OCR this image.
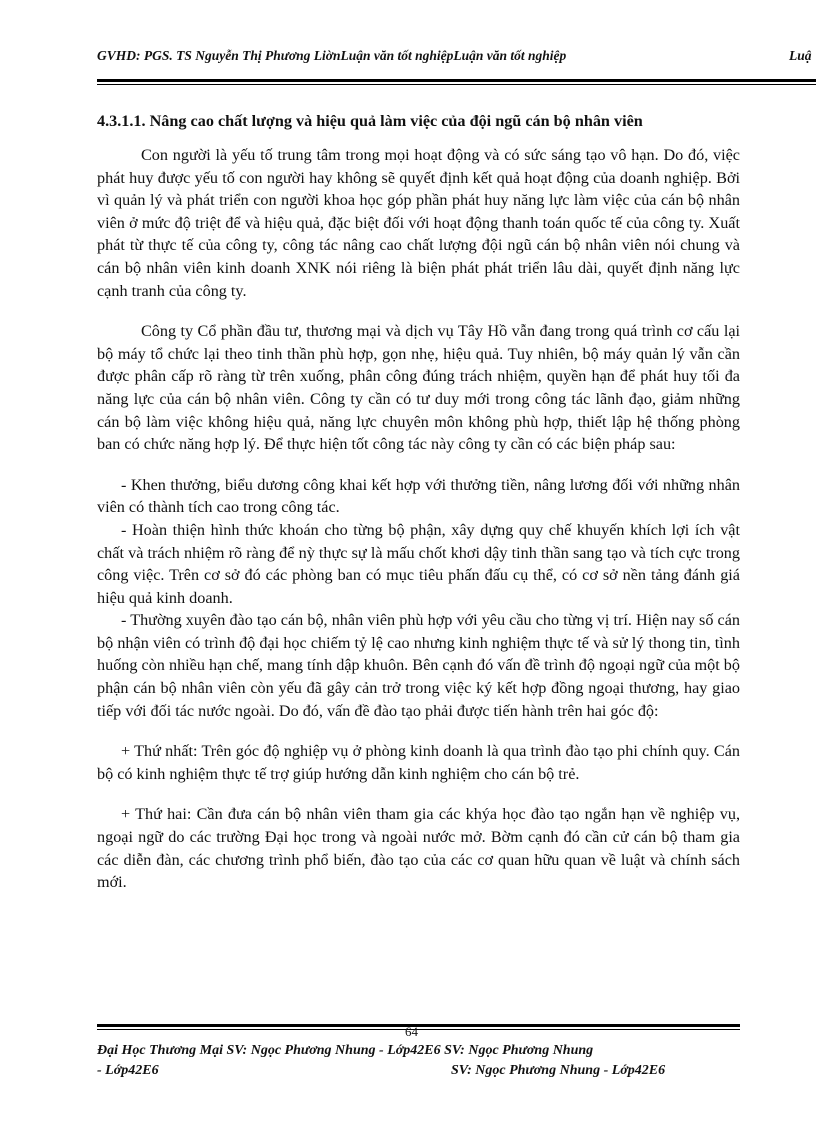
GVHD: PGS. TS Nguyễn Thị Phương LiờnLuận văn tốt nghiệpLuận văn tốt nghiệp	Luậ
4.3.1.1. Nâng cao chất lượng và hiệu quả làm việc của đội ngũ cán bộ nhân viên

Con người là yếu tố trung tâm trong mọi hoạt động và có sức sáng tạo vô hạn. Do đó, việc phát huy được yếu tố con người hay không sẽ quyết định kết quả hoạt động của doanh nghiệp. Bởi vì quản lý và phát triển con người khoa học góp phần phát huy năng lực làm việc của cán bộ nhân viên ở mức độ triệt để và hiệu quả, đặc biệt đối với hoạt động thanh toán quốc tế của công ty. Xuất phát từ thực tế của công ty, công tác nâng cao chất lượng đội ngũ cán bộ nhân viên nói chung và cán bộ nhân viên kinh doanh XNK nói riêng là biện phát phát triển lâu dài, quyết định năng lực cạnh tranh của công ty.

Công ty Cổ phần đầu tư, thương mại và dịch vụ Tây Hồ vẫn đang trong quá trình cơ cấu lại bộ máy tổ chức lại theo tinh thần phù hợp, gọn nhẹ, hiệu quả. Tuy nhiên, bộ máy quản lý vẫn cần được phân cấp rõ ràng từ trên xuống, phân công đúng trách nhiệm, quyền hạn để phát huy tối đa năng lực của cán bộ nhân viên. Công ty cần có tư duy mới trong công tác lãnh đạo, giảm những cán bộ làm việc không hiệu quả, năng lực chuyên môn không phù hợp, thiết lập hệ thống phòng ban có chức năng hợp lý. Để thực hiện tốt công tác này công ty cần có các biện pháp sau:

- Khen thưởng, biểu dương công khai kết hợp với thưởng tiền, nâng lương đối với những nhân viên có thành tích cao trong công tác.

- Hoàn thiện hình thức khoán cho từng bộ phận, xây dựng quy chế khuyến khích lợi ích vật chất và trách nhiệm rõ ràng để nỳ thực sự là mấu chốt khơi dậy tinh thần sang tạo và tích cực trong công việc. Trên cơ sở đó các phòng ban có mục tiêu phấn đấu cụ thể, có cơ sở nền tảng đánh giá hiệu quả kinh doanh.

- Thường xuyên đào tạo cán bộ, nhân viên phù hợp với yêu cầu cho từng vị trí. Hiện nay số cán bộ nhận viên có trình độ đại học chiếm tỷ lệ cao nhưng kinh nghiệm thực tế và sử lý thong tin, tình huống còn nhiều hạn chế, mang tính dập khuôn. Bên cạnh đó vấn đề trình độ ngoại ngữ của một bộ phận cán bộ nhân viên còn yếu đã gây cản trở trong việc ký kết hợp đồng ngoại thương, hay giao tiếp với đối tác nước ngoài. Do đó, vấn đề đào tạo phải được tiến hành trên hai góc độ:

+ Thứ nhất: Trên góc độ nghiệp vụ ở phòng kinh doanh là qua trình đào tạo phi chính quy. Cán bộ có kinh nghiệm thực tế trợ giúp hướng dẫn kinh nghiệm cho cán bộ trẻ.

+ Thứ hai: Cần đưa cán bộ nhân viên tham gia các khýa học đào tạo ngắn hạn về nghiệp vụ, ngoại ngữ do các trường Đại học trong và ngoài nước mở. Bờm cạnh đó cần cử cán bộ tham gia các diễn đàn, các chương trình phổ biến, đào tạo của các cơ quan hữu quan về luật và chính sách mới.

64
Đại Học Thương Mại SV: Ngọc Phương Nhung - Lớp42E6 SV: Ngọc Phương Nhung
- Lớp42E6	SV: Ngọc Phương Nhung - Lớp42E6
